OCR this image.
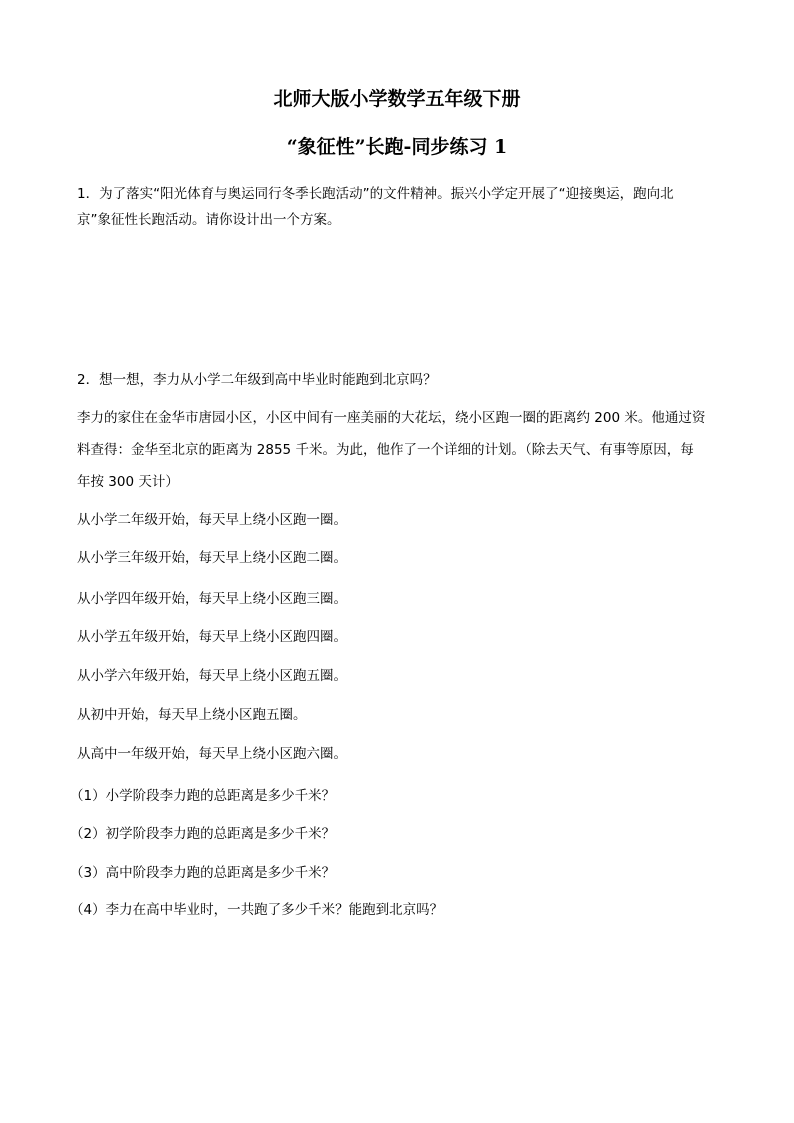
北师大版小学数学五年级下册
“象征性”长跑-同步练习 1
1．为了落实“阳光体育与奥运同行冬季长跑活动”的文件精神。振兴小学定开展了“迎接奥运，跑向北
京”象征性长跑活动。请你设计出一个方案。
2．想一想，李力从小学二年级到高中毕业时能跑到北京吗？
李力的家住在金华市唐园小区，小区中间有一座美丽的大花坛，绕小区跑一圈的距离约 200 米。他通过资
料查得：金华至北京的距离为 2855 千米。为此，他作了一个详细的计划。（除去天气、有事等原因，每
年按 300 天计）
从小学二年级开始，每天早上绕小区跑一圈。
从小学三年级开始，每天早上绕小区跑二圈。
从小学四年级开始，每天早上绕小区跑三圈。
从小学五年级开始，每天早上绕小区跑四圈。
从小学六年级开始，每天早上绕小区跑五圈。
从初中开始，每天早上绕小区跑五圈。
从高中一年级开始，每天早上绕小区跑六圈。
（1）小学阶段李力跑的总距离是多少千米？
（2）初学阶段李力跑的总距离是多少千米？
（3）高中阶段李力跑的总距离是多少千米？
（4）李力在高中毕业时，一共跑了多少千米？能跑到北京吗？
